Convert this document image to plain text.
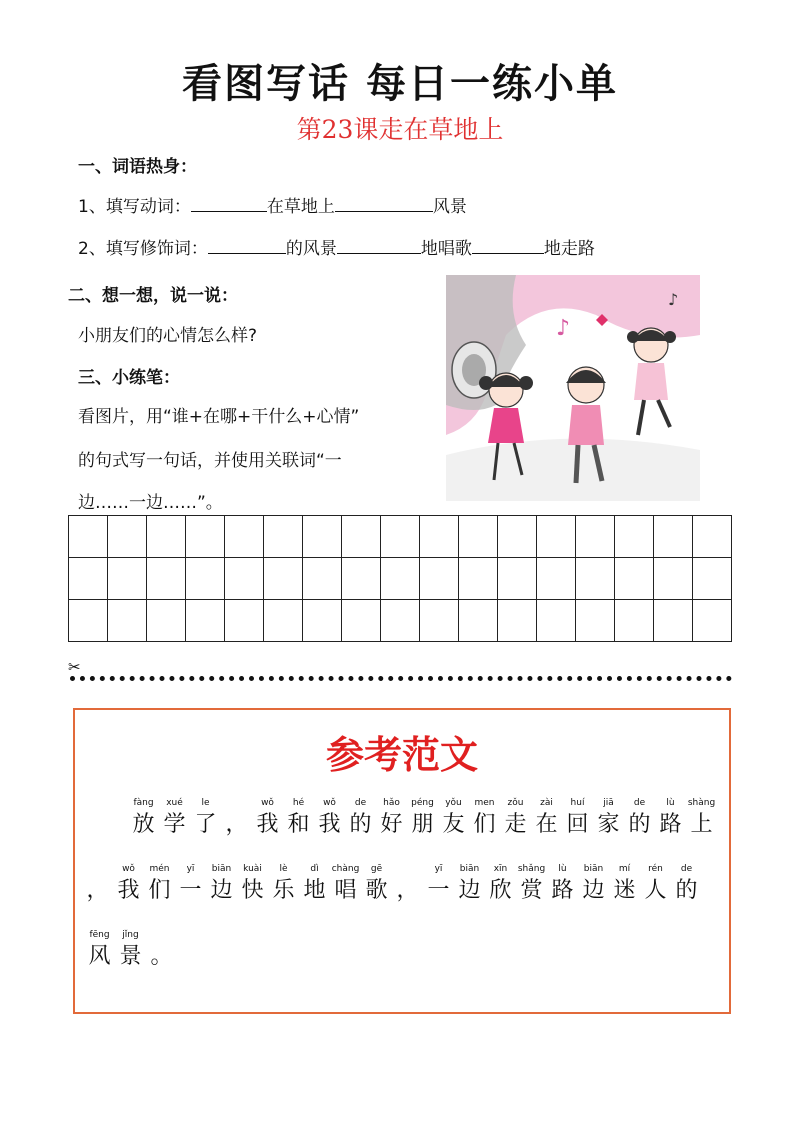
看图写话 每日一练小单
第23课走在草地上
一、词语热身：
1、填写动词：	在草地上	风景
2、填写修饰词：	的风景	地唱歌	地走路
二、想一想，说一说：
小朋友们的心情怎么样?
三、小练笔：
看图片，用“谁+在哪+干什么+心情”
的句式写一句话，并使用关联词“一
边……一边……”。
♪
♪

✂
参考范文
fàng
放
xué
学
le
了 ，
wǒ
我
hé
和
wǒ
我
de
的
hǎo
好
péng
朋
yǒu
友
men
们
zǒu
走
zài
在
huí
回
jiā
家
de
的
lù
路
shàng
上
，
wǒ
我
mén
们
yī
一
biān
边
kuài
快
lè
乐
dì
地
chàng
唱
gē
歌 ，
yī
一
biān
边
xīn
欣
shǎng
赏
lù
路
biān
边
mí
迷
rén
人
de
的
fēng
风
jǐng
景 。
